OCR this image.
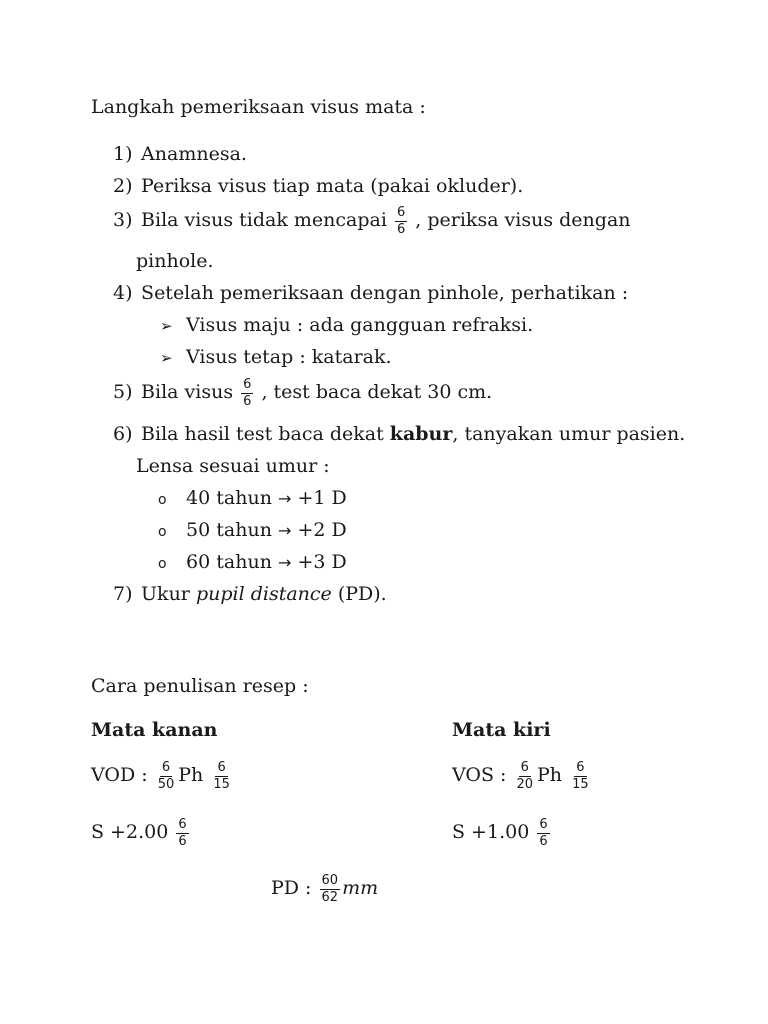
Langkah pemeriksaan visus mata :
1) Anamnesa.
2) Periksa visus tiap mata (pakai okluder).
3) Bila visus tidak mencapai $\frac{6}{6}$ , periksa visus dengan
pinhole.
4) Setelah pemeriksaan dengan pinhole, perhatikan :
➢ Visus maju : ada gangguan refraksi.
➢ Visus tetap : katarak.
5) Bila visus $\frac{6}{6}$ , test baca dekat 30 cm.
6) Bila hasil test baca dekat kabur, tanyakan umur pasien.
Lensa sesuai umur :
o 40 tahun → +1 D
o 50 tahun → +2 D
o 60 tahun → +3 D
7) Ukur pupil distance (PD).
Cara penulisan resep :
Mata kanan	Mata kiri
VOD : $\frac{6}{50}$ Ph $\frac{6}{15}$	VOS : $\frac{6}{20}$ Ph $\frac{6}{15}$
$S +2.00 \frac{6}{6}$	$S +1.00 \frac{6}{6}$
PD : $\frac{60}{62}$ mm
